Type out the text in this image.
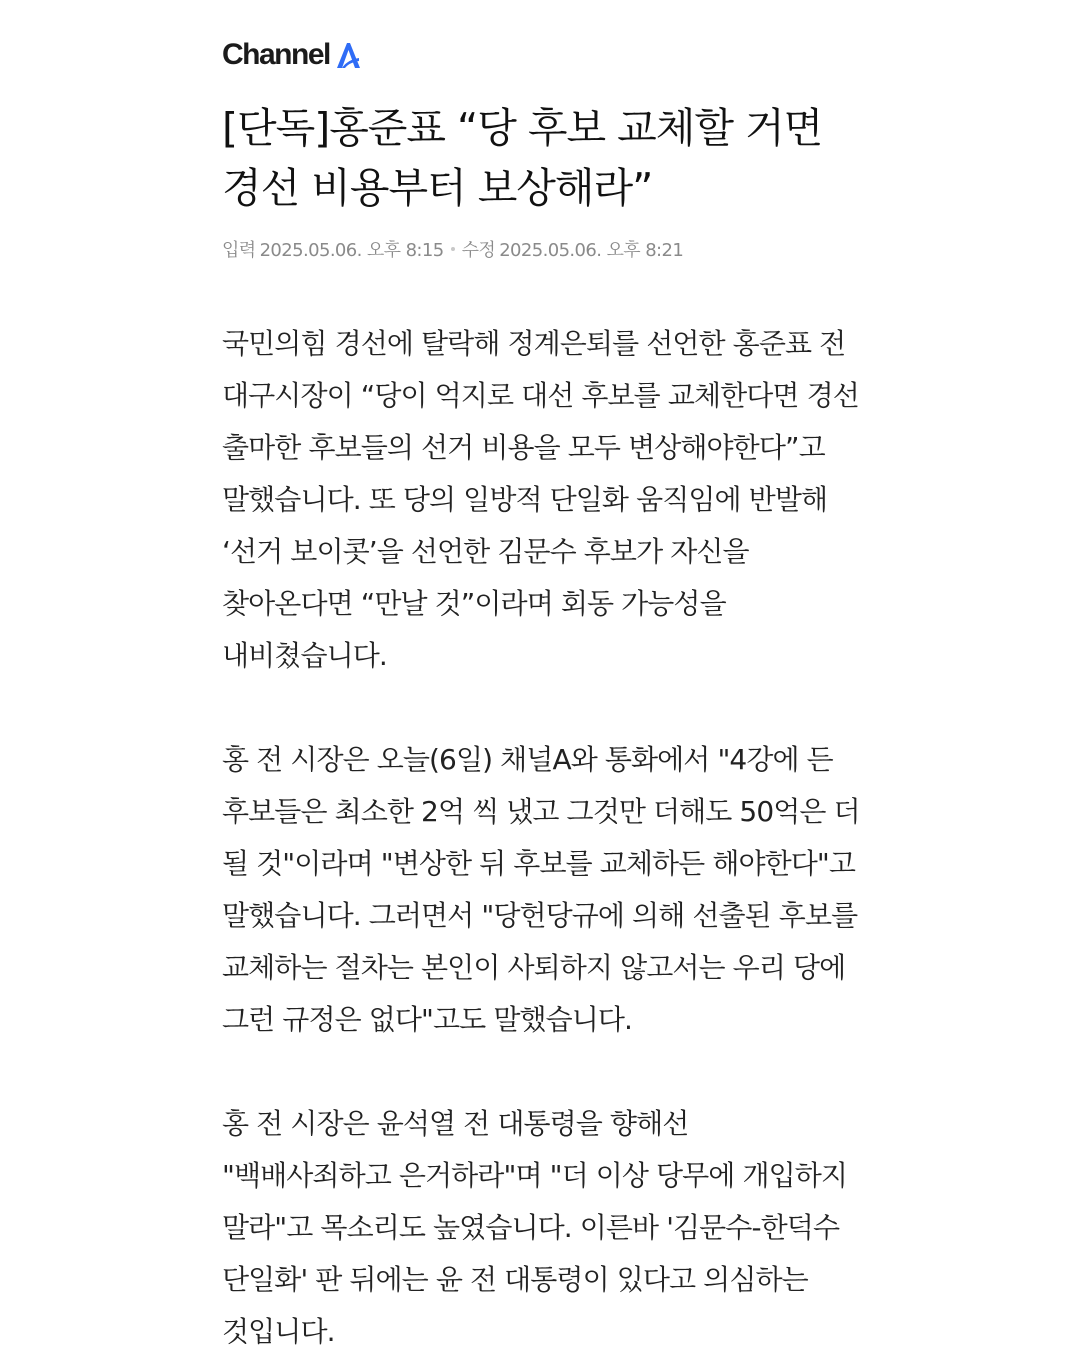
Channel
[단독]홍준표 “당 후보 교체할 거면 경선 비용부터 보상해라”
입력 2025.05.06. 오후 8:15 수정 2025.05.06. 오후 8:21

국민의힘 경선에 탈락해 정계은퇴를 선언한 홍준표 전 대구시장이 “당이 억지로 대선 후보를 교체한다면 경선 출마한 후보들의 선거 비용을 모두 변상해야한다”고 말했습니다. 또 당의 일방적 단일화 움직임에 반발해 ‘선거 보이콧’을 선언한 김문수 후보가 자신을 찾아온다면 “만날 것”이라며 회동 가능성을 내비쳤습니다.

홍 전 시장은 오늘(6일) 채널A와 통화에서 "4강에 든 후보들은 최소한 2억 씩 냈고 그것만 더해도 50억은 더 될 것"이라며 "변상한 뒤 후보를 교체하든 해야한다"고 말했습니다. 그러면서 "당헌당규에 의해 선출된 후보를 교체하는 절차는 본인이 사퇴하지 않고서는 우리 당에 그런 규정은 없다"고도 말했습니다.

홍 전 시장은 윤석열 전 대통령을 향해선 "백배사죄하고 은거하라"며 "더 이상 당무에 개입하지 말라"고 목소리도 높였습니다. 이른바 '김문수-한덕수 단일화' 판 뒤에는 윤 전 대통령이 있다고 의심하는 것입니다.
